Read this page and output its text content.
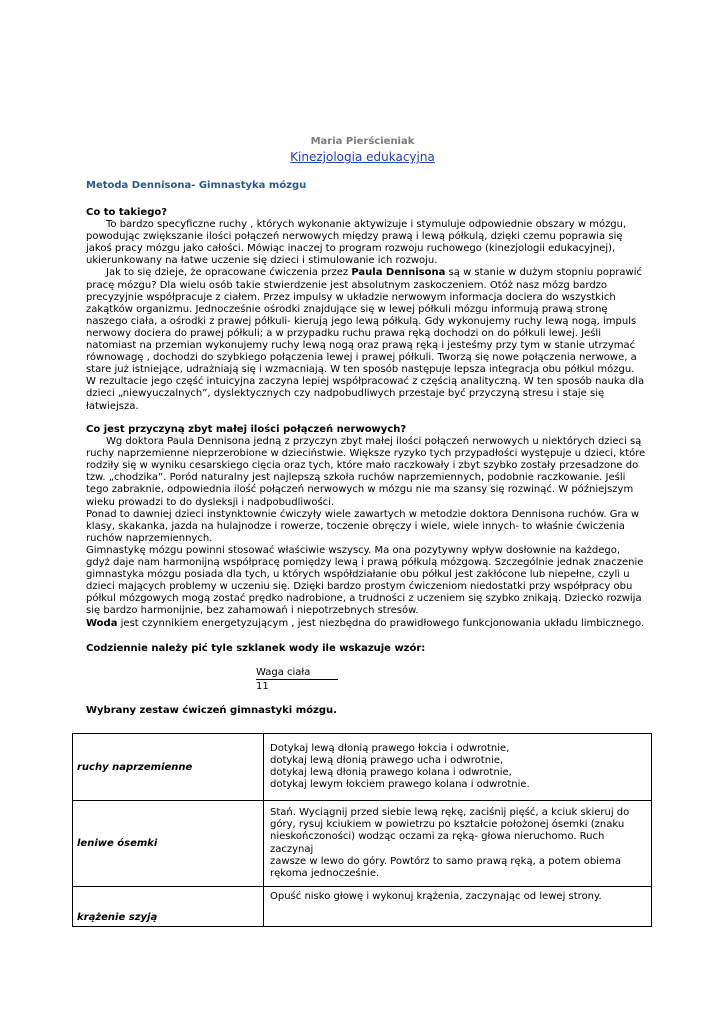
Maria Pierścieniak
Kinezjologia edukacyjna
Metoda Dennisona- Gimnastyka mózgu

Co to takiego?

To bardzo specyficzne ruchy , których wykonanie aktywizuje i stymuluje odpowiednie obszary w mózgu, powodując zwiększanie ilości połączeń nerwowych między prawą i lewą półkulą, dzięki czemu poprawia się jakoś pracy mózgu jako całości. Mówiąc inaczej to program rozwoju ruchowego (kinezjologii edukacyjnej), ukierunkowany na łatwe uczenie się dzieci i stimulowanie ich rozwoju.

Jak to się dzieje, że opracowane ćwiczenia przez Paula Dennisona są w stanie w dużym stopniu poprawić pracę mózgu? Dla wielu osób takie stwierdzenie jest absolutnym zaskoczeniem. Otóż nasz mózg bardzo precyzyjnie współpracuje z ciałem. Przez impulsy w układzie nerwowym informacja dociera do wszystkich zakątków organizmu. Jednocześnie ośrodki znajdujące się w lewej półkuli mózgu informują prawą stronę naszego ciała, a ośrodki z prawej półkuli- kierują jego lewą półkulą. Gdy wykonujemy ruchy lewą nogą, impuls nerwowy dociera do prawej półkuli; a w przypadku ruchu prawa ręką dochodzi on do półkuli lewej. Jeśli natomiast na przemian wykonujemy ruchy lewą nogą oraz prawą ręką i jesteśmy przy tym w stanie utrzymać równowagę , dochodzi do szybkiego połączenia lewej i prawej półkuli. Tworzą się nowe połączenia nerwowe, a stare już istniejące, udrażniają się i wzmacniają. W ten sposób następuje lepsza integracja obu półkul mózgu. W rezultacie jego część intuicyjna zaczyna lepiej współpracować z częścią analityczną. W ten sposób nauka dla dzieci „niewyuczalnych”, dyslektycznych czy nadpobudliwych przestaje być przyczyną stresu i staje się łatwiejsza.

Co jest przyczyną zbyt małej ilości połączeń nerwowych?

Wg doktora Paula Dennisona jedną z przyczyn zbyt małej ilości połączeń nerwowych u niektórych dzieci są ruchy naprzemienne nieprzerobione w dzieciństwie. Większe ryzyko tych przypadłości występuje u dzieci, które rodziły się w wyniku cesarskiego cięcia oraz tych, które mało raczkowały i zbyt szybko zostały przesadzone do tzw. „chodzika”. Poród naturalny jest najlepszą szkoła ruchów naprzemiennych, podobnie raczkowanie. Jeśli tego zabraknie, odpowiednia ilość połączeń nerwowych w mózgu nie ma szansy się rozwinąć. W późniejszym wieku prowadzi to do dysleksji i nadpobudliwości.

Ponad to dawniej dzieci instynktownie ćwiczyły wiele zawartych w metodzie doktora Dennisona ruchów. Gra w klasy, skakanka, jazda na hulajnodze i rowerze, toczenie obręczy i wiele, wiele innych- to właśnie ćwiczenia ruchów naprzemiennych.

Gimnastykę mózgu powinni stosować właściwie wszyscy. Ma ona pozytywny wpływ dosłownie na każdego, gdyż daje nam harmonijną współpracę pomiędzy lewą i prawą półkulą mózgową. Szczególnie jednak znaczenie gimnastyka mózgu posiada dla tych, u których współdziałanie obu półkul jest zakłócone lub niepełne, czyli u dzieci mających problemy w uczeniu się. Dzięki bardzo prostym ćwiczeniom niedostatki przy współpracy obu półkul mózgowych mogą zostać prędko nadrobione, a trudności z uczeniem się szybko znikają. Dziecko rozwija się bardzo harmonijnie, bez zahamowań i niepotrzebnych stresów.

Woda jest czynnikiem energetyzującym , jest niezbędna do prawidłowego funkcjonowania układu limbicznego.

Codziennie należy pić tyle szklanek wody ile wskazuje wzór:
Waga ciała
11
Wybrany zestaw ćwiczeń gimnastyki mózgu.
ruchy naprzemienne	Dotykaj lewą dłonią prawego łokcia i odwrotnie,
dotykaj lewą dłonią prawego ucha i odwrotnie,
dotykaj lewą dłonią prawego kolana i odwrotnie,
dotykaj lewym łokciem prawego kolana i odwrotnie.

leniwe ósemki	Stań. Wyciągnij przed siebie lewą rękę, zaciśnij pięść, a kciuk skieruj do
góry, rysuj kciukiem w powietrzu po kształcie położonej ósemki (znaku
nieskończoności) wodząc oczami za ręką- głowa nieruchomo. Ruch zaczynaj
zawsze w lewo do góry. Powtórz to samo prawą ręką, a potem obiema
rękoma jednocześnie.

krążenie szyją	Opuść nisko głowę i wykonuj krążenia, zaczynając od lewej strony.
